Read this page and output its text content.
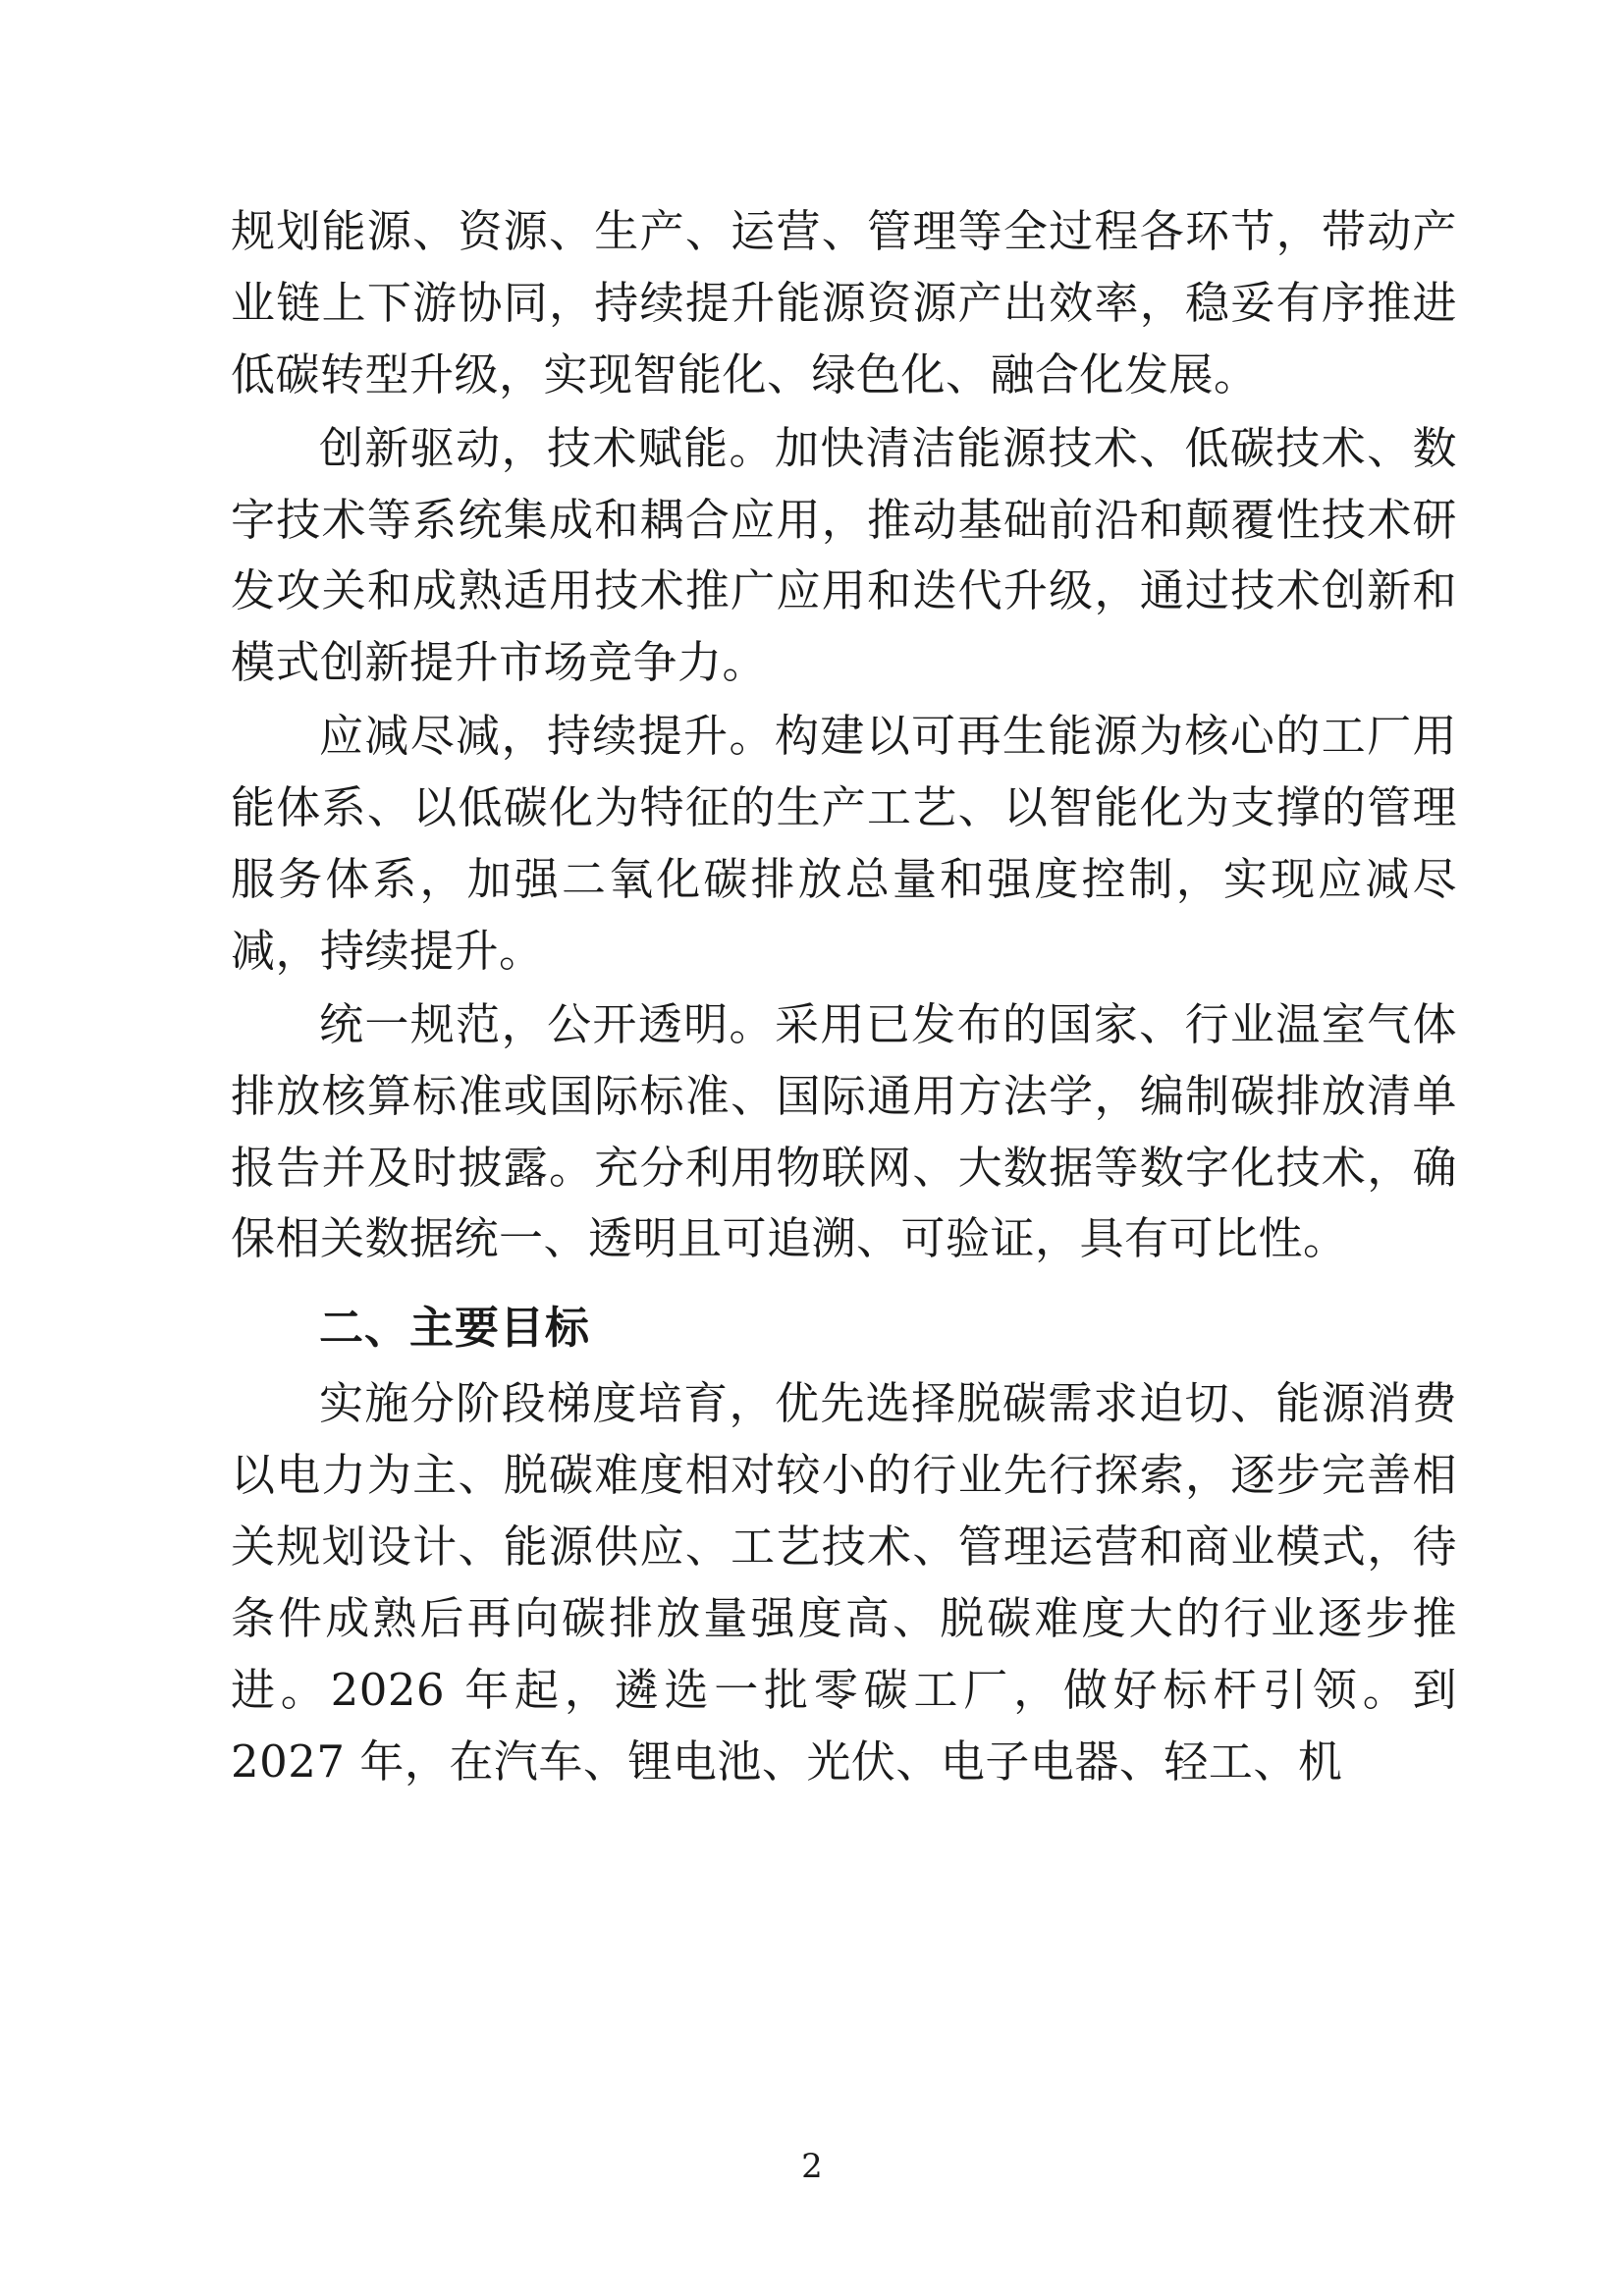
规划能源、资源、生产、运营、管理等全过程各环节，带动产业链上下游协同，持续提升能源资源产出效率，稳妥有序推进低碳转型升级，实现智能化、绿色化、融合化发展。

创新驱动，技术赋能。加快清洁能源技术、低碳技术、数字技术等系统集成和耦合应用，推动基础前沿和颠覆性技术研发攻关和成熟适用技术推广应用和迭代升级，通过技术创新和模式创新提升市场竞争力。

应减尽减，持续提升。构建以可再生能源为核心的工厂用能体系、以低碳化为特征的生产工艺、以智能化为支撑的管理服务体系，加强二氧化碳排放总量和强度控制，实现应减尽减，持续提升。

统一规范，公开透明。采用已发布的国家、行业温室气体排放核算标准或国际标准、国际通用方法学，编制碳排放清单报告并及时披露。充分利用物联网、大数据等数字化技术，确保相关数据统一、透明且可追溯、可验证，具有可比性。

二、主要目标

实施分阶段梯度培育，优先选择脱碳需求迫切、能源消费以电力为主、脱碳难度相对较小的行业先行探索，逐步完善相关规划设计、能源供应、工艺技术、管理运营和商业模式，待条件成熟后再向碳排放量强度高、脱碳难度大的行业逐步推进。2026 年起，遴选一批零碳工厂，做好标杆引领。到 2027 年，在汽车、锂电池、光伏、电子电器、轻工、机

2
